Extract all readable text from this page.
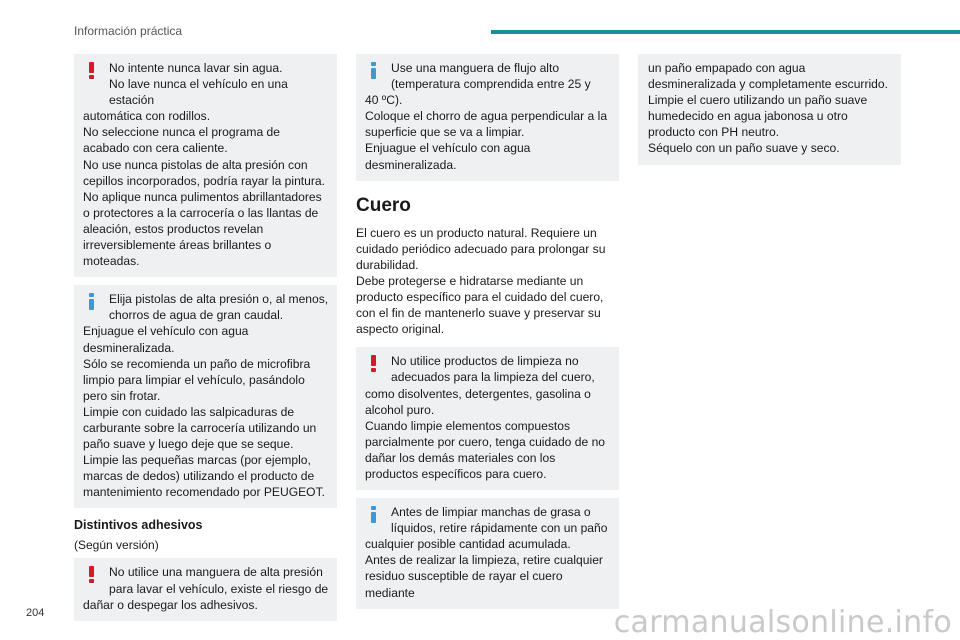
Información práctica
No intente nunca lavar sin agua.
No lave nunca el vehículo en una estación
automática con rodillos.
No seleccione nunca el programa de acabado con cera caliente.
No use nunca pistolas de alta presión con cepillos incorporados, podría rayar la pintura.
No aplique nunca pulimentos abrillantadores o protectores a la carrocería o las llantas de aleación, estos productos revelan irreversiblemente áreas brillantes o moteadas.
Elija pistolas de alta presión o, al menos, chorros de agua de gran caudal.
Enjuague el vehículo con agua desmineralizada.
Sólo se recomienda un paño de microfibra limpio para limpiar el vehículo, pasándolo pero sin frotar.
Limpie con cuidado las salpicaduras de carburante sobre la carrocería utilizando un paño suave y luego deje que se seque.
Limpie las pequeñas marcas (por ejemplo, marcas de dedos) utilizando el producto de mantenimiento recomendado por PEUGEOT.
Distintivos adhesivos
(Según versión)
No utilice una manguera de alta presión para lavar el vehículo, existe el riesgo de
dañar o despegar los adhesivos.
Use una manguera de flujo alto (temperatura comprendida entre 25 y
40 ºC).
Coloque el chorro de agua perpendicular a la superficie que se va a limpiar.
Enjuague el vehículo con agua desmineralizada.
Cuero
El cuero es un producto natural. Requiere un cuidado periódico adecuado para prolongar su durabilidad.
Debe protegerse e hidratarse mediante un producto específico para el cuidado del cuero, con el fin de mantenerlo suave y preservar su aspecto original.
No utilice productos de limpieza no adecuados para la limpieza del cuero,
como disolventes, detergentes, gasolina o alcohol puro.
Cuando limpie elementos compuestos parcialmente por cuero, tenga cuidado de no dañar los demás materiales con los productos específicos para cuero.
Antes de limpiar manchas de grasa o líquidos, retire rápidamente con un paño
cualquier posible cantidad acumulada.
Antes de realizar la limpieza, retire cualquier residuo susceptible de rayar el cuero mediante
un paño empapado con agua desmineralizada y completamente escurrido.
Limpie el cuero utilizando un paño suave humedecido en agua jabonosa u otro producto con PH neutro.
Séquelo con un paño suave y seco.
204	carmanualsonline.info
